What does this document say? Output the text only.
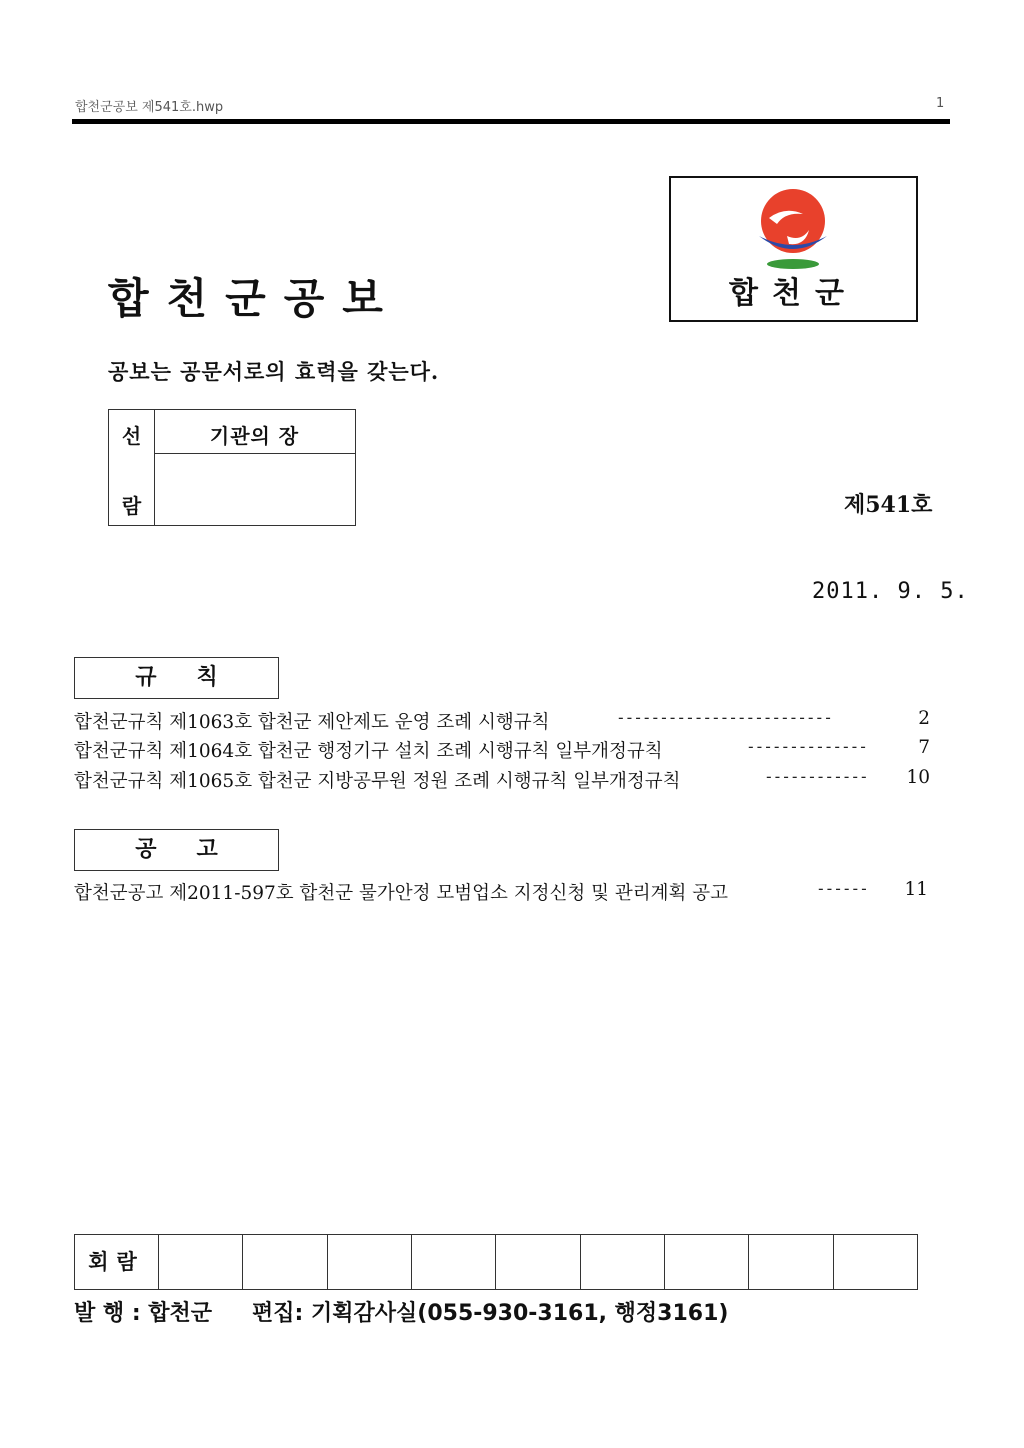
합천군공보 제541호.hwp	1
합천군공보
공보는 공문서로의 효력을 갖는다.
합천군
선
람
기관의 장
제541호
2011. 9. 5.
규칙
합천군규칙 제1063호 합천군 제안제도 운영 조례 시행규칙	-------------------------	2
합천군규칙 제1064호 합천군 행정기구 설치 조례 시행규칙 일부개정규칙	--------------	7
합천군규칙 제1065호 합천군 지방공무원 정원 조례 시행규칙 일부개정규칙	------------	10
공고
합천군공고 제2011-597호 합천군 물가안정 모범업소 지정신청 및 관리계획 공고	------	11
회람
발 행 : 합천군 편집: 기획감사실(055-930-3161, 행정3161)
